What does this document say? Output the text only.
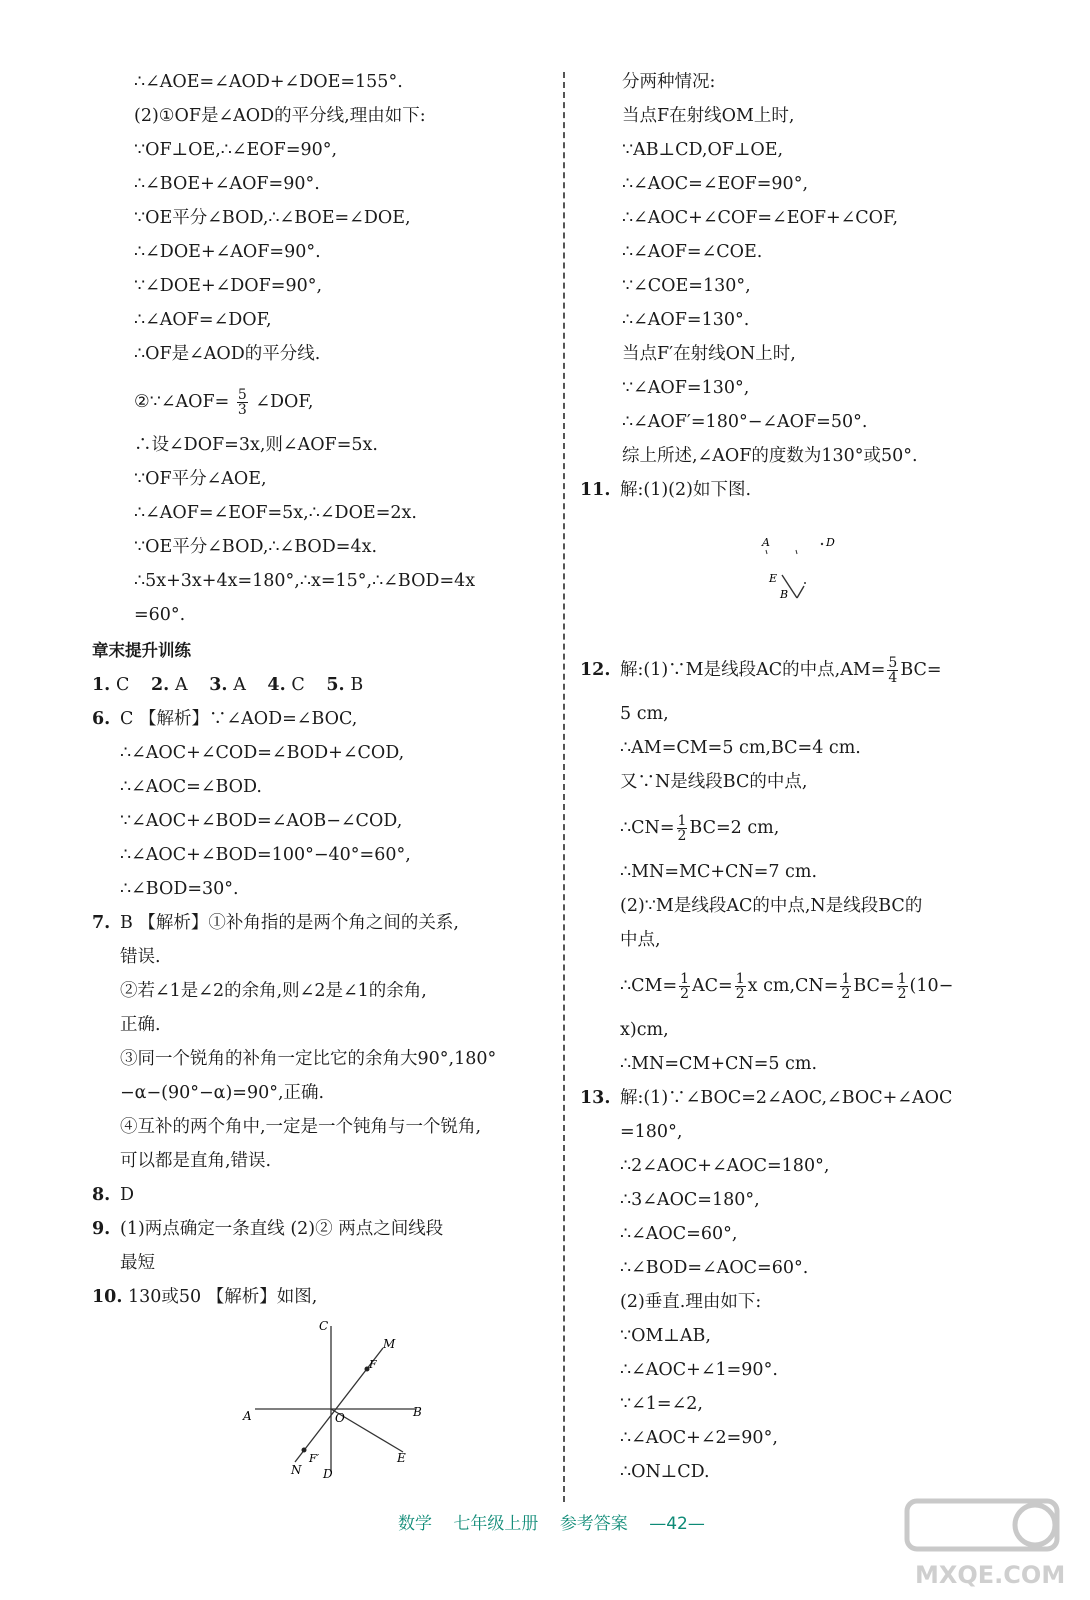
∴∠AOE=∠AOD+∠DOE=155°.
(2)①OF是∠AOD的平分线,理由如下:
∵OF⊥OE,∴∠EOF=90°,
∴∠BOE+∠AOF=90°.
∵OE平分∠BOD,∴∠BOE=∠DOE,
∴∠DOE+∠AOF=90°.
∵∠DOE+∠DOF=90°,
∴∠AOF=∠DOF,
∴OF是∠AOD的平分线.
②∵∠AOF= $\frac{5}{3}$ ∠DOF,
∴设∠DOF=3x,则∠AOF=5x.
∵OF平分∠AOE,
∴∠AOF=∠EOF=5x,∴∠DOE=2x.
∵OE平分∠BOD,∴∠BOD=4x.
∴5x+3x+4x=180°,∴x=15°,∴∠BOD=4x
=60°.
章末提升训练
1. C 2. A 3. A 4. C 5. B
6. C 【解析】∵∠AOD=∠BOC,
∴∠AOC+∠COD=∠BOD+∠COD,
∴∠AOC=∠BOD.
∵∠AOC+∠BOD=∠AOB−∠COD,
∴∠AOC+∠BOD=100°−40°=60°,
∴∠BOD=30°.
7. B 【解析】①补角指的是两个角之间的关系,
错误.
②若∠1是∠2的余角,则∠2是∠1的余角,
正确.
③同一个锐角的补角一定比它的余角大90°,180°
−α−(90°−α)=90°,正确.
④互补的两个角中,一定是一个钝角与一个锐角,
可以都是直角,错误.
8. D
9. (1)两点确定一条直线 (2)② 两点之间线段
最短
10. 130或50 【解析】如图,
C
M
F
A	O	B
N
F′
D
E
分两种情况:
当点F在射线OM上时,
∵AB⊥CD,OF⊥OE,
∴∠AOC=∠EOF=90°,
∴∠AOC+∠COF=∠EOF+∠COF,
∴∠AOF=∠COE.
∵∠COE=130°,
∴∠AOF=130°.
当点F′在射线ON上时,
∵∠AOF=130°,
∴∠AOF′=180°−∠AOF=50°.
综上所述,∠AOF的度数为130°或50°.
11. 解:(1)(2)如下图.
A	D
E
B
12. 解:(1)∵M是线段AC的中点$,AM= \frac{5}{4} BC=$
5 cm,
∴AM=CM=5 cm,BC=4 cm.
又∵N是线段BC的中点,
∴CN= $\frac{1}{2} BC=2$ cm,
∴MN=MC+CN=7 cm.
(2)∵M是线段AC的中点,N是线段BC的
中点,
∴CM= $\frac{1}{2} AC= \frac{1}{2}$ x $cm,CN= \frac{1}{2} BC= \frac{1}{2} (10-$
x)cm,
∴MN=CM+CN=5 cm.
13. 解:(1)∵∠BOC=2∠AOC,∠BOC+∠AOC
=180°,
∴2∠AOC+∠AOC=180°,
∴3∠AOC=180°,
∴∠AOC=60°,
∴∠BOD=∠AOC=60°.
(2)垂直.理由如下:
∵OM⊥AB,
∴∠AOC+∠1=90°.
∵∠1=∠2,
∴∠AOC+∠2=90°,
∴ON⊥CD.
数学 七年级上册 参考答案 —42—
MXQE.COM
